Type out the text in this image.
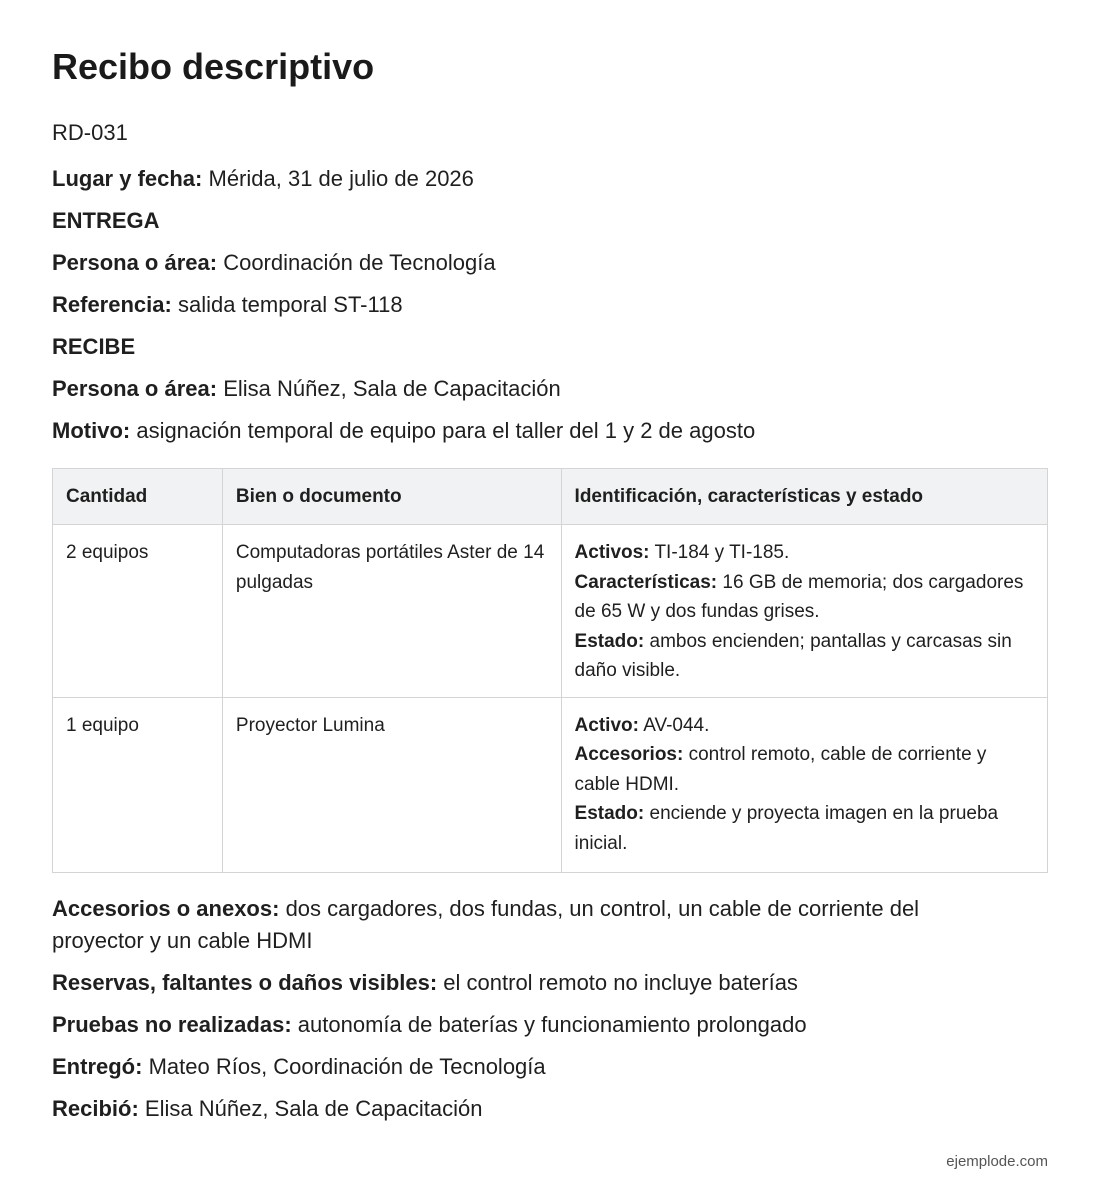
Recibo descriptivo
RD-031
Lugar y fecha: Mérida, 31 de julio de 2026
ENTREGA
Persona o área: Coordinación de Tecnología
Referencia: salida temporal ST-118
RECIBE
Persona o área: Elisa Núñez, Sala de Capacitación
Motivo: asignación temporal de equipo para el taller del 1 y 2 de agosto
Cantidad	Bien o documento	Identificación, características y estado
2 equipos	Computadoras portátiles Aster de 14 pulgadas	Activos: TI-184 y TI-185.
Características: 16 GB de memoria; dos cargadores de 65 W y dos fundas grises.
Estado: ambos encienden; pantallas y carcasas sin daño visible.

1 equipo	Proyector Lumina	Activo: AV-044.
Accesorios: control remoto, cable de corriente y cable HDMI.
Estado: enciende y proyecta imagen en la prueba inicial.
Accesorios o anexos: dos cargadores, dos fundas, un control, un cable de corriente del proyector y un cable HDMI
Reservas, faltantes o daños visibles: el control remoto no incluye baterías
Pruebas no realizadas: autonomía de baterías y funcionamiento prolongado
Entregó: Mateo Ríos, Coordinación de Tecnología
Recibió: Elisa Núñez, Sala de Capacitación
ejemplode.com
